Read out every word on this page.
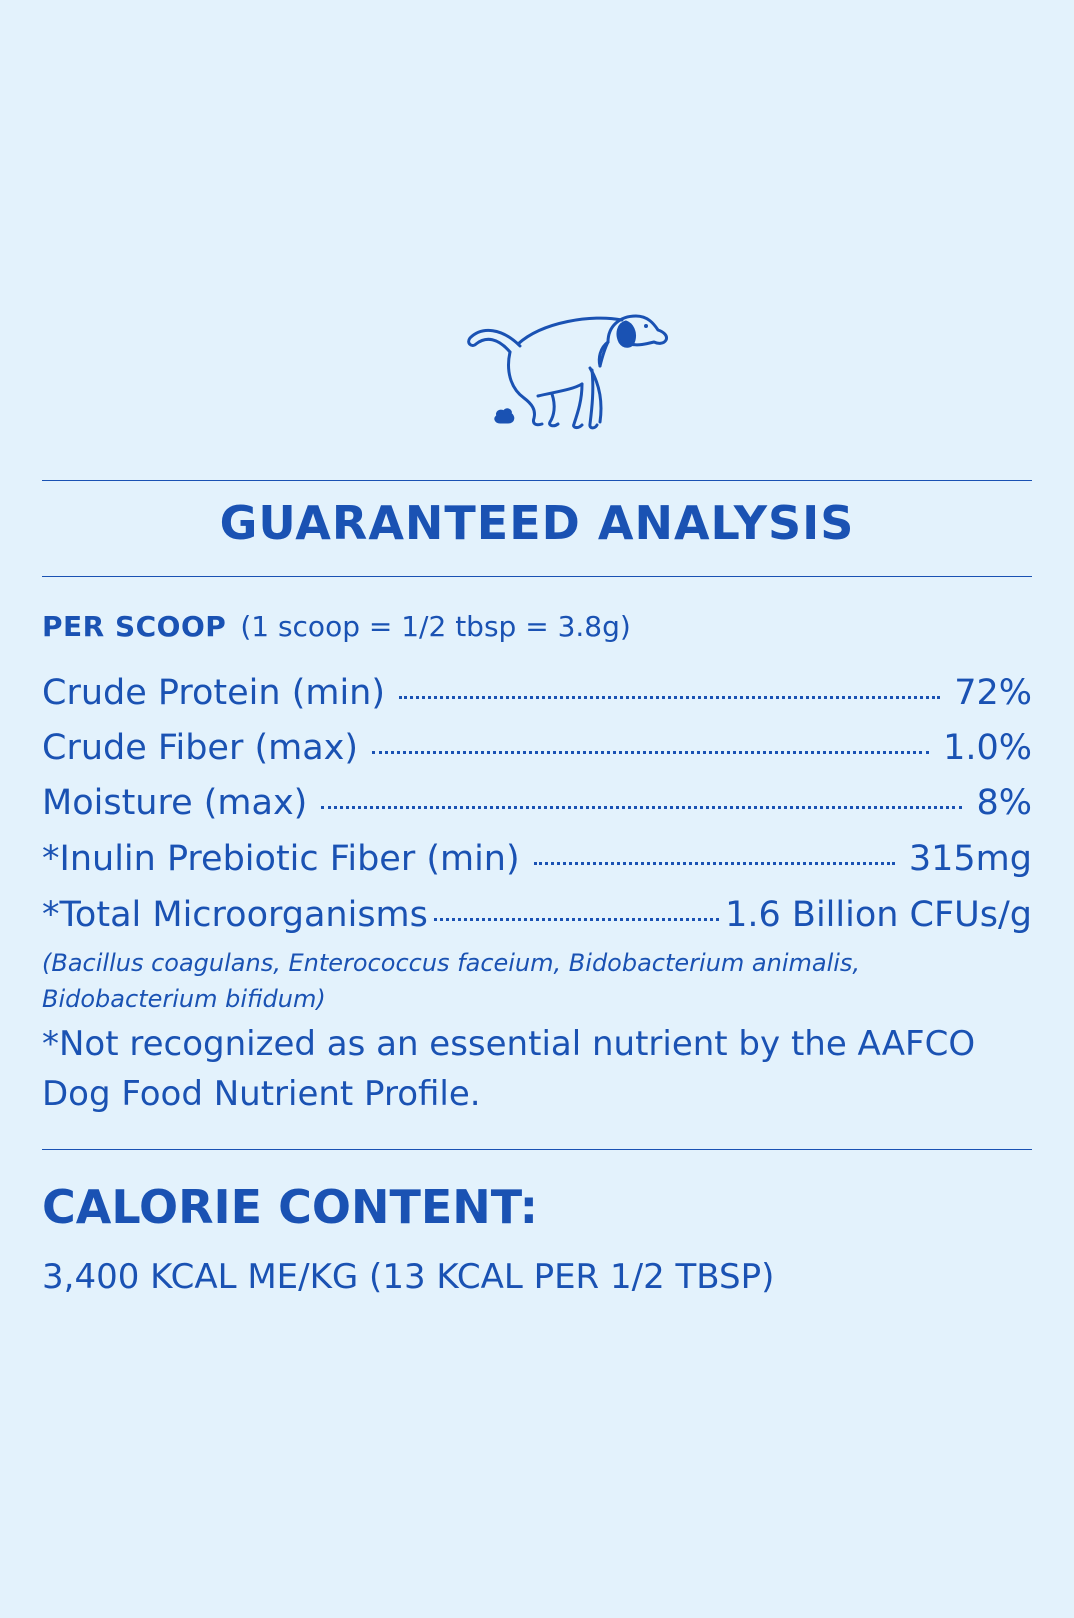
GUARANTEED ANALYSIS
PER SCOOP (1 scoop = 1/2 tbsp = 3.8g)
Crude Protein (min)	72%
Crude Fiber (max)	1.0%
Moisture (max)	8%
*Inulin Prebiotic Fiber (min)	315mg
*Total Microorganisms	1.6 Billion CFUs/g
(Bacillus coagulans, Enterococcus faceium, Bidobacterium animalis, Bidobacterium bifidum)
*Not recognized as an essential nutrient by the AAFCO Dog Food Nutrient Profile.
CALORIE CONTENT:
3,400 KCAL ME/KG (13 KCAL PER 1/2 TBSP)
